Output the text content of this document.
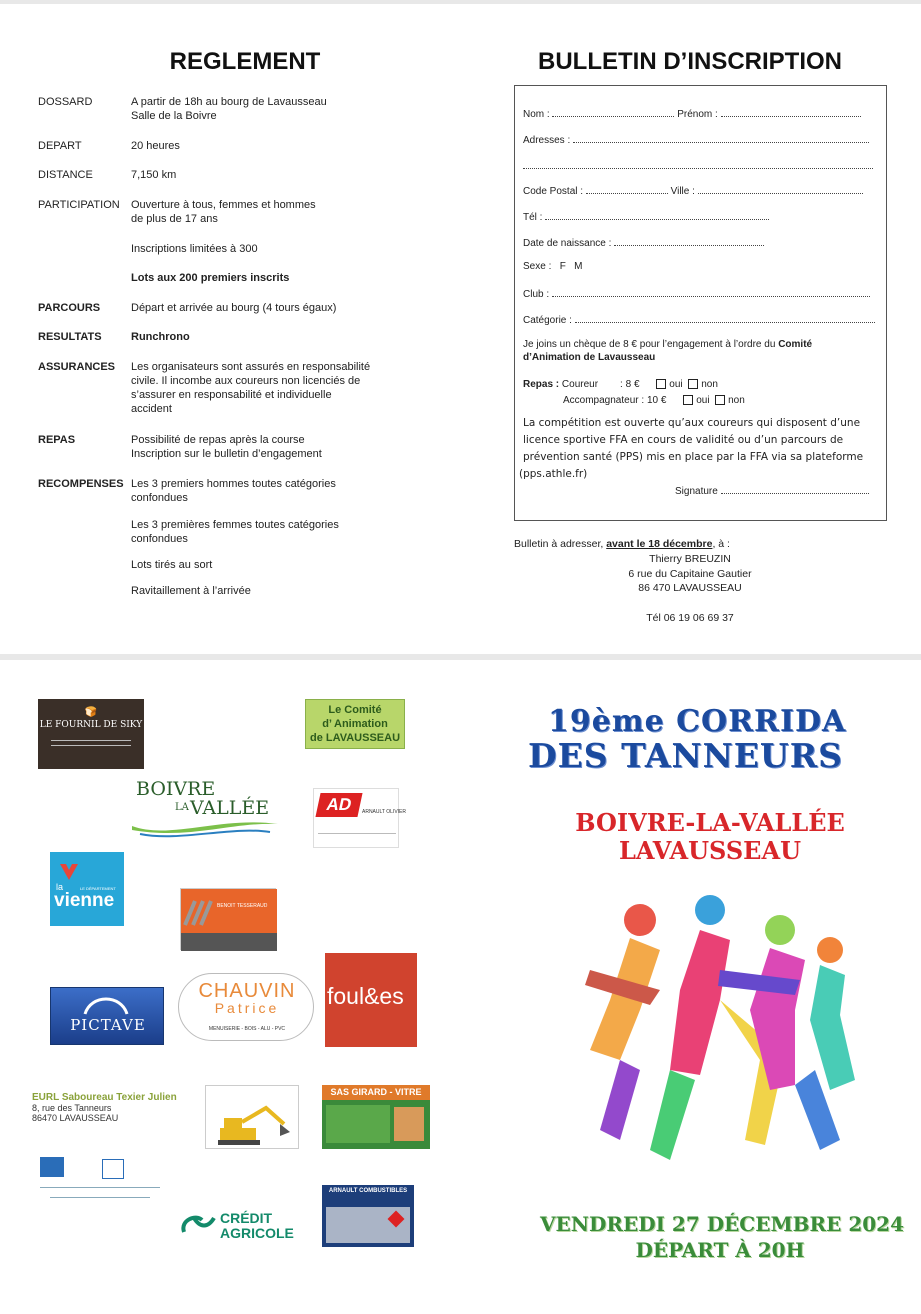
REGLEMENT	BULLETIN D’INSCRIPTION
DOSSARD	A partir de 18h au bourg de Lavausseau
Salle de la Boivre
DEPART	20 heures
DISTANCE	7,150 km
PARTICIPATION	Ouverture à tous, femmes et hommes
de plus de 17 ans
Inscriptions limitées à 300
Lots aux 200 premiers inscrits
PARCOURS	Départ et arrivée au bourg (4 tours égaux)
RESULTATS	Runchrono
ASSURANCES	Les organisateurs sont assurés en responsabilité
civile. Il incombe aux coureurs non licenciés de
s’assurer en responsabilité et individuelle
accident
REPAS	Possibilité de repas après la course
Inscription sur le bulletin d’engagement
RECOMPENSES Les 3 premiers hommes toutes catégories
confondues
Les 3 premières femmes toutes catégories
confondues
Lots tirés au sort
Ravitaillement à l’arrivée
Nom :	Prénom :
Adresses :
Code Postal :	Ville :
Tél :
Date de naissance :
Sexe : F M
Club :
Catégorie :
Je joins un chèque de 8 € pour l’engagement à l’ordre du Comité
d’Animation de Lavausseau
Repas : Coureur : 8 €	oui non
Accompagnateur : 10 €	oui non
La compétition est ouverte qu’aux coureurs qui disposent d’une
licence sportive FFA en cours de validité ou d’un parcours de
prévention santé (PPS) mis en place par la FFA via sa plateforme
(pps.athle.fr)
Signature
Bulletin à adresser, avant le 18 décembre, à :
Thierry BREUZIN
6 rue du Capitaine Gautier
86 470 LAVAUSSEAU
Tél 06 19 06 69 37
🍞
LE FOURNIL DE SIKY
Le Comité
d’ Animation
de LAVAUSSEAU
BOIVRE
LA VALLÉE	AD	ARNAULT OLIVIER
la	LE DÉPARTEMENT
vienne	BENOIT TESSERAUD
PICTAVE
CHAUVIN
Patrice
MENUISERIE - BOIS - ALU - PVC
foul&es
EURL Saboureau Texier Julien
8, rue des Tanneurs
86470 LAVAUSSEAU
SAS GIRARD - VITRE
CRÉDIT
AGRICOLE
ARNAULT COMBUSTIBLES
19ème CORRIDA
DES TANNEURS
BOIVRE-LA-VALLÉE
LAVAUSSEAU
VENDREDI 27 DÉCEMBRE 2024
DÉPART À 20H
